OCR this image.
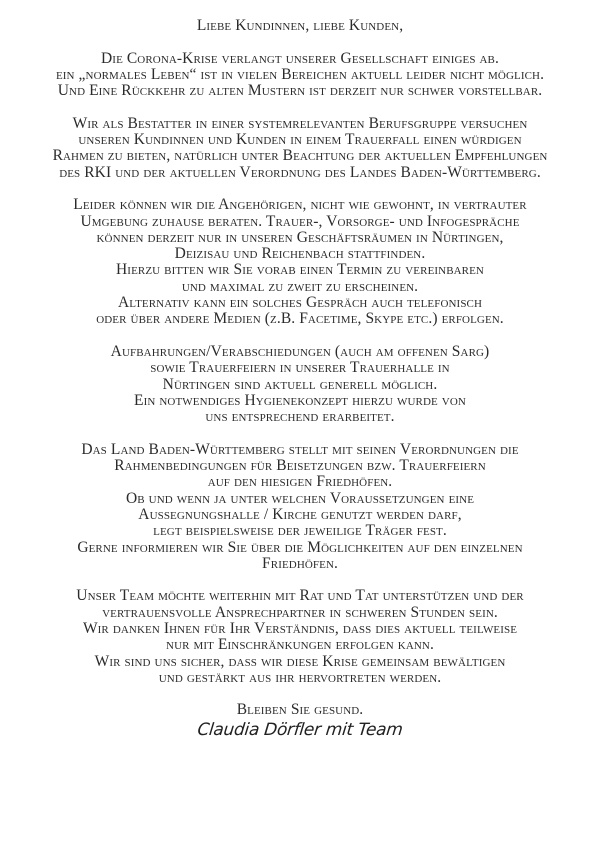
Liebe Kundinnen, liebe Kunden,

Die Corona-Krise verlangt unserer Gesellschaft einiges ab.
ein „normales Leben“ ist in vielen Bereichen aktuell leider nicht möglich.
Und Eine Rückkehr zu alten Mustern ist derzeit nur schwer vorstellbar.

Wir als Bestatter in einer systemrelevanten Berufsgruppe versuchen
unseren Kundinnen und Kunden in einem Trauerfall einen würdigen
Rahmen zu bieten, natürlich unter Beachtung der aktuellen Empfehlungen
des RKI und der aktuellen Verordnung des Landes Baden-Württemberg.

Leider können wir die Angehörigen, nicht wie gewohnt, in vertrauter
Umgebung zuhause beraten. Trauer-, Vorsorge- und Infogespräche
können derzeit nur in unseren Geschäftsräumen in Nürtingen,
Deizisau und Reichenbach stattfinden.
Hierzu bitten wir Sie vorab einen Termin zu vereinbaren
und maximal zu zweit zu erscheinen.
Alternativ kann ein solches Gespräch auch telefonisch
oder über andere Medien (z.B. Facetime, Skype etc.) erfolgen.

Aufbahrungen/Verabschiedungen (auch am offenen Sarg)
sowie Trauerfeiern in unserer Trauerhalle in
Nürtingen sind aktuell generell möglich.
Ein notwendiges Hygienekonzept hierzu wurde von
uns entsprechend erarbeitet.

Das Land Baden-Württemberg stellt mit seinen Verordnungen die
Rahmenbedingungen für Beisetzungen bzw. Trauerfeiern
auf den hiesigen Friedhöfen.
Ob und wenn ja unter welchen Voraussetzungen eine
Aussegnungshalle / Kirche genutzt werden darf,
legt beispielsweise der jeweilige Träger fest.
Gerne informieren wir Sie über die Möglichkeiten auf den einzelnen
Friedhöfen.

Unser Team möchte weiterhin mit Rat und Tat unterstützen und der
vertrauensvolle Ansprechpartner in schweren Stunden sein.
Wir danken Ihnen für Ihr Verständnis, dass dies aktuell teilweise
nur mit Einschränkungen erfolgen kann.
Wir sind uns sicher, dass wir diese Krise gemeinsam bewältigen
und gestärkt aus ihr hervortreten werden.

Bleiben Sie gesund.
Claudia Dörfler mit Team
